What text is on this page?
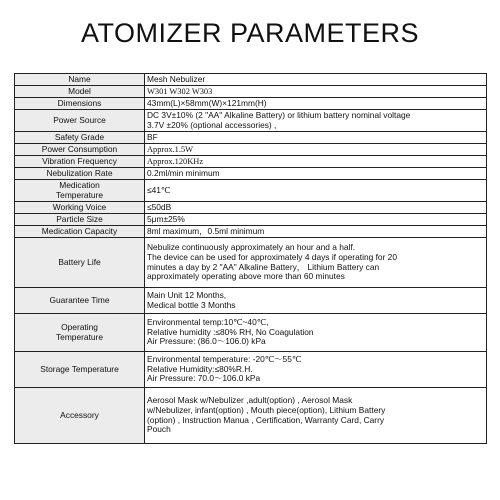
ATOMIZER PARAMETERS
Name	Mesh Nebulizer

Model	W301 W302 W303

Dimensions	43mm(L)×58mm(W)×121mm(H)

Power Source	DC 3V±10% (2 "AA" Alkaline Battery) or lithium battery nominal voltage
3.7V ±20% (optional accessories) ,

Safety Grade	BF

Power Consumption	Approx.1.5W

Vibration Frequency	Approx.120KHz

Nebulization Rate	0.2ml/min minimum

Medication
Temperature	≤41℃

Working Voice	≤50dB

Particle Size	5μm±25%

Medication Capacity	8ml maximum，0.5ml minimum

Battery Life	Nebulize continuously approximately an hour and a half.
The device can be used for approximately 4 days if operating for 20
minutes a day by 2 "AA" Alkaline Battery， Lithium Battery can
approximately operating above more than 60 minutes

Guarantee Time	Main Unit 12 Months,
Medical bottle 3 Months

Operating
Temperature	Environmental temp:10℃~40℃,
Relative humidity :≤80% RH, No Coagulation
Air Pressure: (86.0～106.0) kPa

Storage Temperature	Environmental temperature: -20℃～55℃
Relative Humidity:≤80%R.H.
Air Pressure: 70.0～106.0 kPa

Accessory	Aerosol Mask w/Nebulizer ,adult(option) , Aerosol Mask
w/Nebulizer, infant(option) , Mouth piece(option), Lithium Battery
(option) , Instruction Manua , Certification, Warranty Card, Carry
Pouch
